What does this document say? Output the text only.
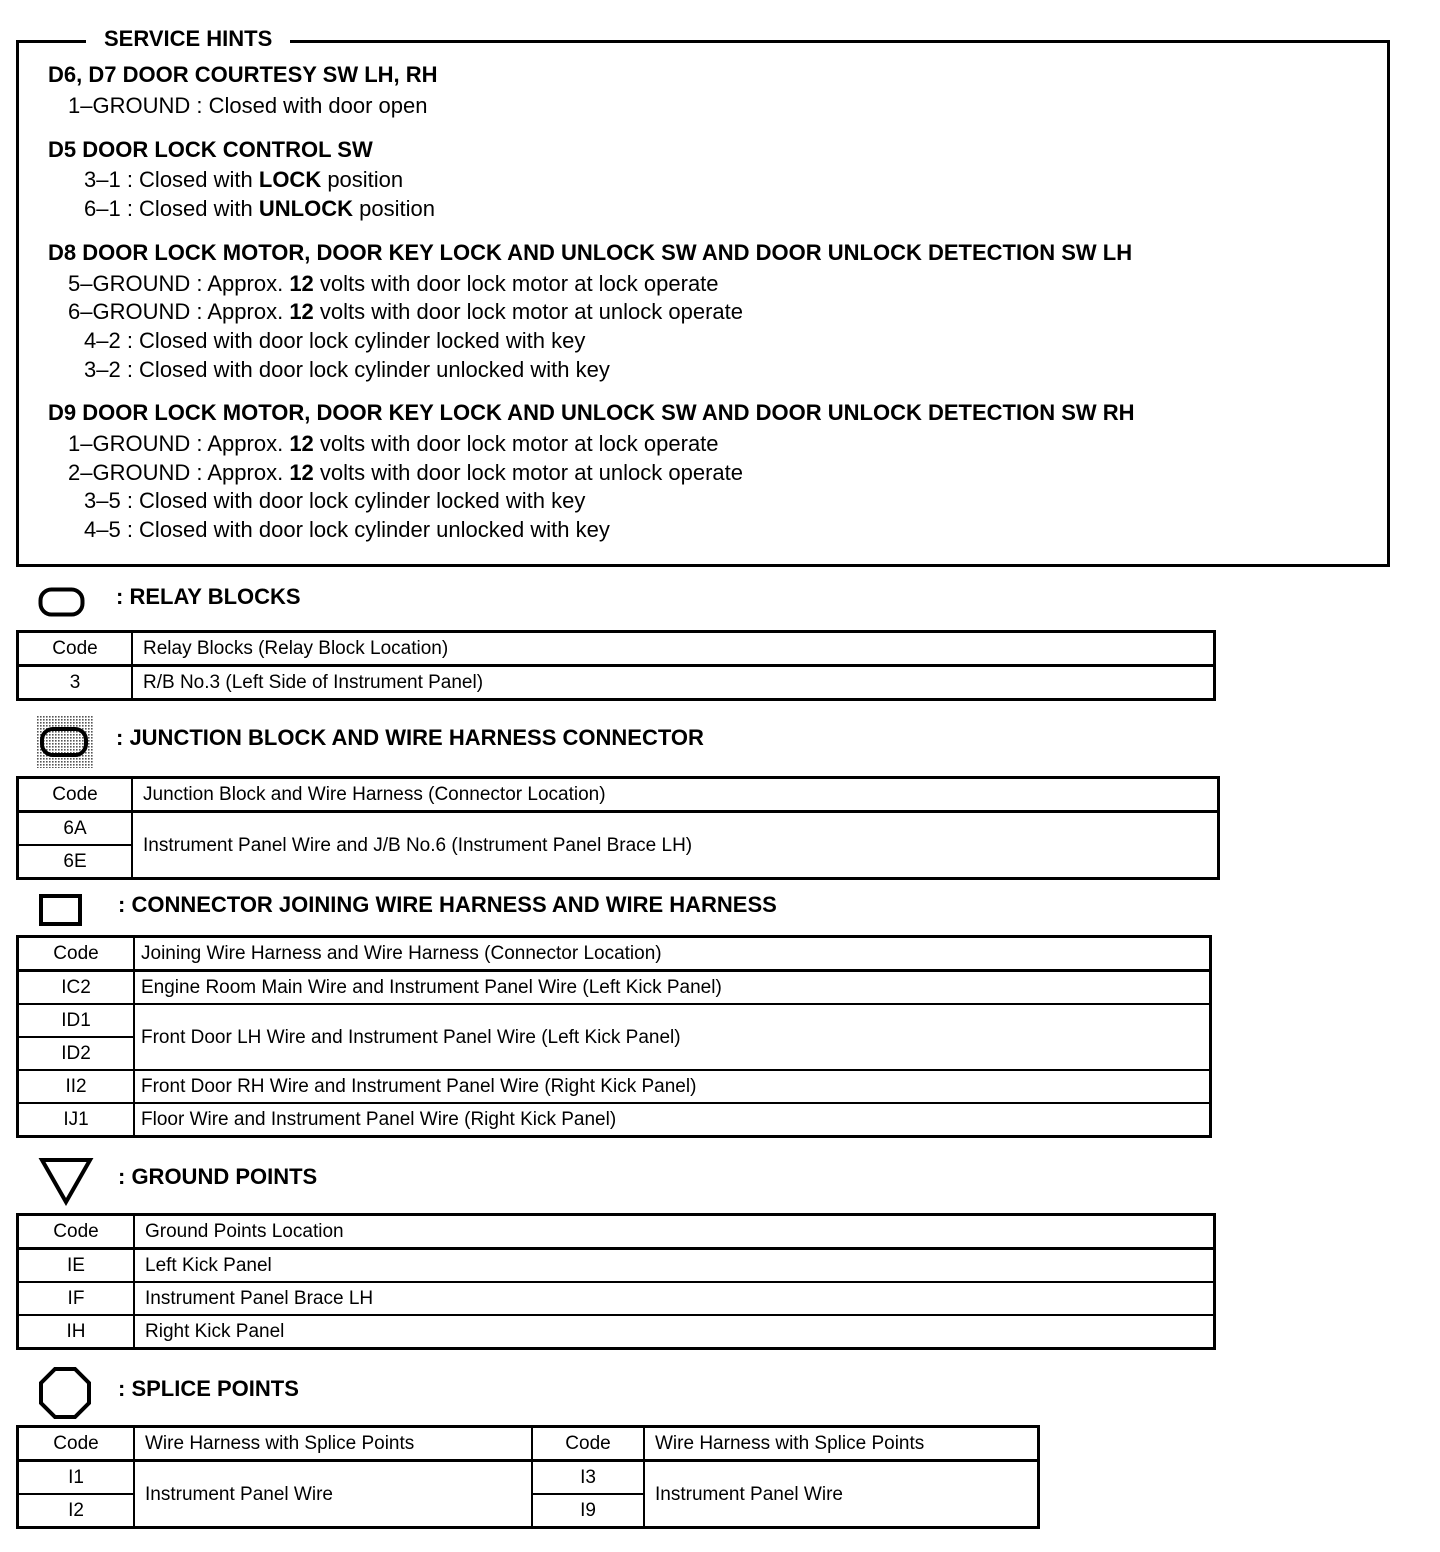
SERVICE HINTS
D6, D7 DOOR COURTESY SW LH, RH
1–GROUND : Closed with door open
D5 DOOR LOCK CONTROL SW
3–1 : Closed with LOCK position
6–1 : Closed with UNLOCK position
D8 DOOR LOCK MOTOR, DOOR KEY LOCK AND UNLOCK SW AND DOOR UNLOCK DETECTION SW LH
5–GROUND : Approx. 12 volts with door lock motor at lock operate
6–GROUND : Approx. 12 volts with door lock motor at unlock operate
4–2 : Closed with door lock cylinder locked with key
3–2 : Closed with door lock cylinder unlocked with key
D9 DOOR LOCK MOTOR, DOOR KEY LOCK AND UNLOCK SW AND DOOR UNLOCK DETECTION SW RH
1–GROUND : Approx. 12 volts with door lock motor at lock operate
2–GROUND : Approx. 12 volts with door lock motor at unlock operate
3–5 : Closed with door lock cylinder locked with key
4–5 : Closed with door lock cylinder unlocked with key
: RELAY BLOCKS
Code	Relay Blocks (Relay Block Location)
3	R/B No.3 (Left Side of Instrument Panel)
: JUNCTION BLOCK AND WIRE HARNESS CONNECTOR
Code	Junction Block and Wire Harness (Connector Location)
6A	Instrument Panel Wire and J/B No.6 (Instrument Panel Brace LH)
6E	
: CONNECTOR JOINING WIRE HARNESS AND WIRE HARNESS
Code	Joining Wire Harness and Wire Harness (Connector Location)
IC2	Engine Room Main Wire and Instrument Panel Wire (Left Kick Panel)
ID1	Front Door LH Wire and Instrument Panel Wire (Left Kick Panel)
ID2	
II2	Front Door RH Wire and Instrument Panel Wire (Right Kick Panel)
IJ1	Floor Wire and Instrument Panel Wire (Right Kick Panel)
: GROUND POINTS
Code	Ground Points Location
IE	Left Kick Panel
IF	Instrument Panel Brace LH
IH	Right Kick Panel
: SPLICE POINTS
Code	Wire Harness with Splice Points	Code	Wire Harness with Splice Points
I1	Instrument Panel Wire	I3	Instrument Panel Wire
I2		I9	
